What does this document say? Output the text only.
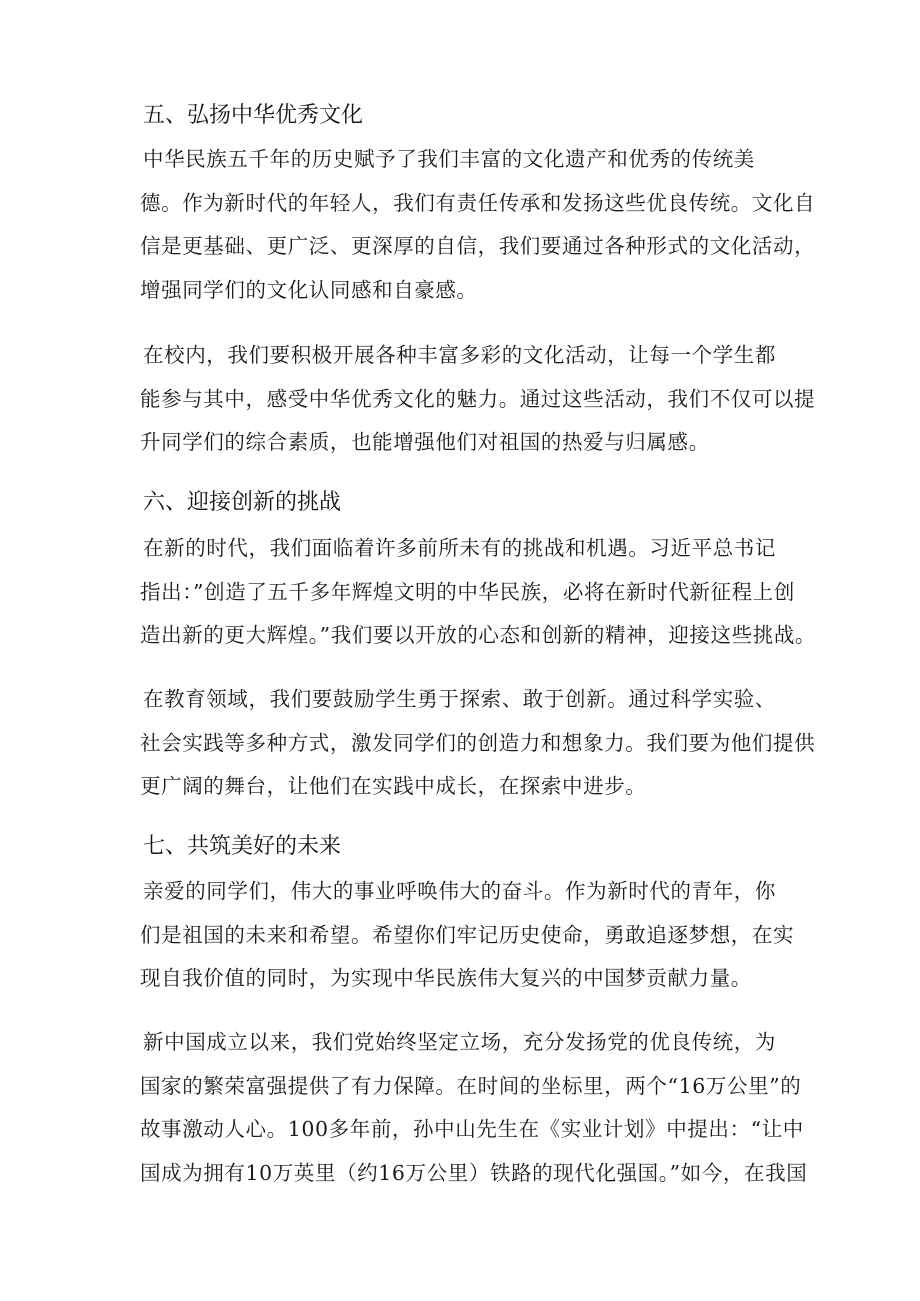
五、弘扬中华优秀文化

中华民族五千年的历史赋予了我们丰富的文化遗产和优秀的传统美
德。作为新时代的年轻人，我们有责任传承和发扬这些优良传统。文化自
信是更基础、更广泛、更深厚的自信，我们要通过各种形式的文化活动，
增强同学们的文化认同感和自豪感。

在校内，我们要积极开展各种丰富多彩的文化活动，让每一个学生都
能参与其中，感受中华优秀文化的魅力。通过这些活动，我们不仅可以提
升同学们的综合素质，也能增强他们对祖国的热爱与归属感。

六、迎接创新的挑战

在新的时代，我们面临着许多前所未有的挑战和机遇。习近平总书记
指出：”创造了五千多年辉煌文明的中华民族，必将在新时代新征程上创
造出新的更大辉煌。”我们要以开放的心态和创新的精神，迎接这些挑战。

在教育领域，我们要鼓励学生勇于探索、敢于创新。通过科学实验、
社会实践等多种方式，激发同学们的创造力和想象力。我们要为他们提供
更广阔的舞台，让他们在实践中成长，在探索中进步。

七、共筑美好的未来

亲爱的同学们，伟大的事业呼唤伟大的奋斗。作为新时代的青年，你
们是祖国的未来和希望。希望你们牢记历史使命，勇敢追逐梦想，在实
现自我价值的同时，为实现中华民族伟大复兴的中国梦贡献力量。

新中国成立以来，我们党始终坚定立场，充分发扬党的优良传统，为
国家的繁荣富强提供了有力保障。在时间的坐标里，两个“16万公里”的
故事激动人心。100多年前，孙中山先生在《实业计划》中提出：“让中
国成为拥有10万英里（约16万公里）铁路的现代化强国。”如今，在我国
